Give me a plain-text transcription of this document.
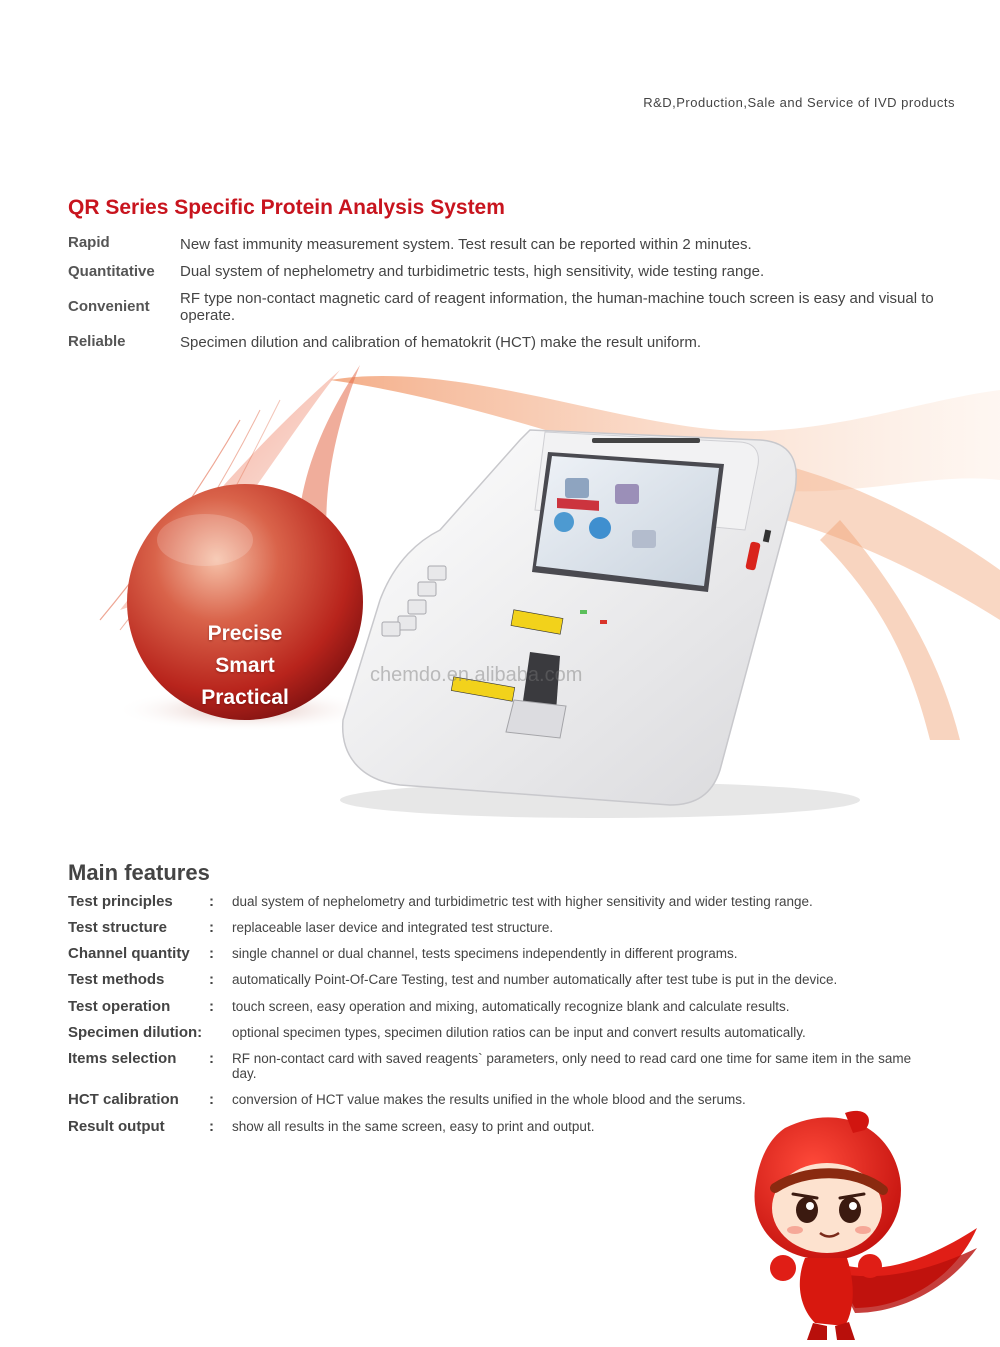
R&D,Production,Sale and Service of IVD products
QR Series Specific Protein Analysis System
Rapid	New fast immunity measurement system. Test result can be reported within 2 minutes.
Quantitative Dual system of nephelometry and turbidimetric tests, high sensitivity, wide testing range.
Convenient RF type non-contact magnetic card of reagent information, the human-machine touch screen is easy and visual to operate.
Reliable	Specimen dilution and calibration of hematokrit (HCT) make the result uniform.
Precise
Smart
Practical
chemdo.en.alibaba.com
Main features
Test principles : dual system of nephelometry and turbidimetric test with higher sensitivity and wider testing range.
Test structure	: replaceable laser device and integrated test structure.
Channel quantity : single channel or dual channel, tests specimens independently in different programs.
Test methods	: automatically Point-Of-Care Testing, test and number automatically after test tube is put in the device.
Test operation	: touch screen, easy operation and mixing, automatically recognize blank and calculate results.
Specimen dilution: optional specimen types, specimen dilution ratios can be input and convert results automatically.
Items selection : RF non-contact card with saved reagents` parameters, only need to read card one time for same item in the same day.
HCT calibration : conversion of HCT value makes the results unified in the whole blood and the serums.
Result output	: show all results in the same screen, easy to print and output.
